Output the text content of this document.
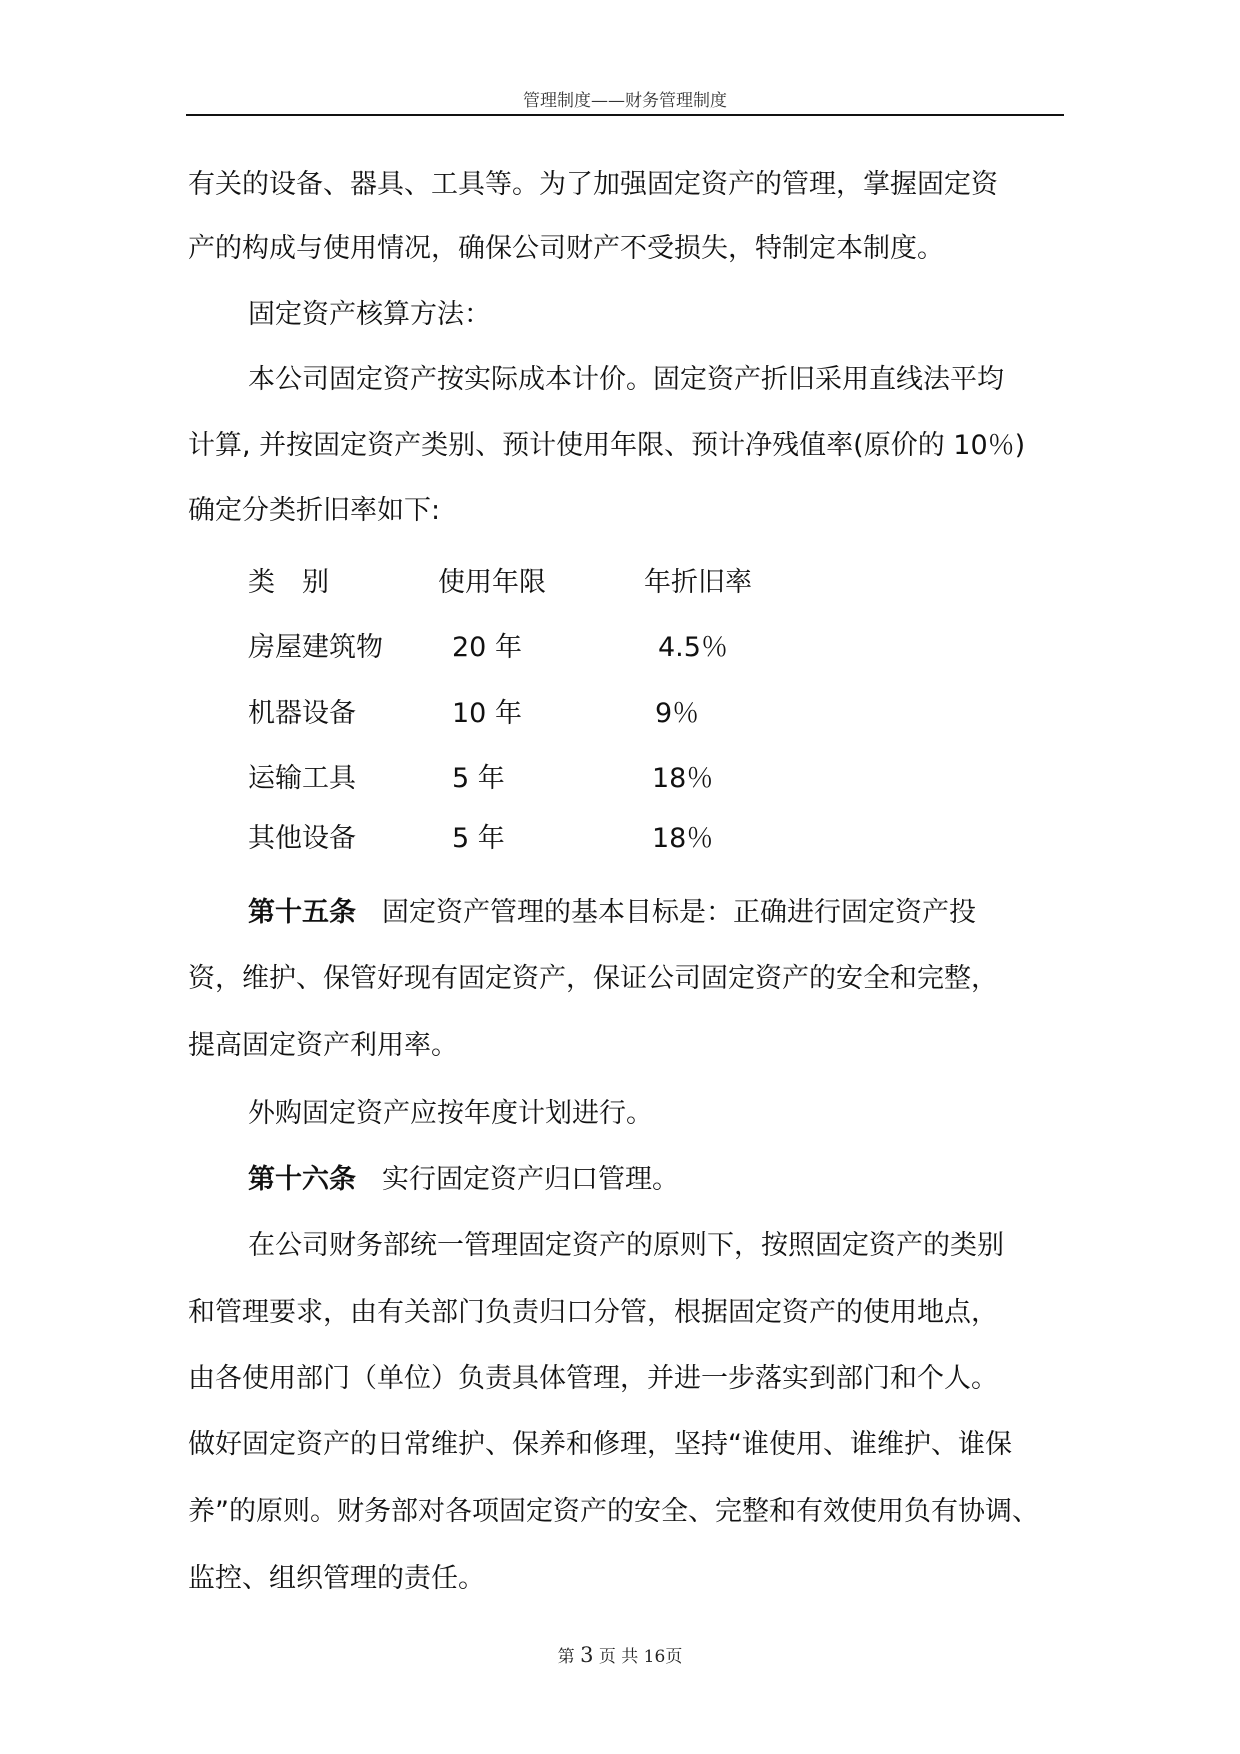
管理制度——财务管理制度
有关的设备、器具、工具等。为了加强固定资产的管理，掌握固定资
产的构成与使用情况，确保公司财产不受损失，特制定本制度。
固定资产核算方法：
本公司固定资产按实际成本计价。固定资产折旧采用直线法平均
计算, 并按固定资产类别、预计使用年限、预计净残值率(原价的 10％)
确定分类折旧率如下:
类　别	使用年限	年折旧率
房屋建筑物	20 年	4.5％
机器设备	10 年	9％
运输工具	5 年	18％
其他设备	5 年	18％
第十五条 固定资产管理的基本目标是：正确进行固定资产投
资，维护、保管好现有固定资产，保证公司固定资产的安全和完整，
提高固定资产利用率。
外购固定资产应按年度计划进行。
第十六条 实行固定资产归口管理。
在公司财务部统一管理固定资产的原则下，按照固定资产的类别
和管理要求，由有关部门负责归口分管，根据固定资产的使用地点，
由各使用部门（单位）负责具体管理，并进一步落实到部门和个人。
做好固定资产的日常维护、保养和修理，坚持“谁使用、谁维护、谁保
养”的原则。财务部对各项固定资产的安全、完整和有效使用负有协调、
监控、组织管理的责任。
第 3 页 共 16页
